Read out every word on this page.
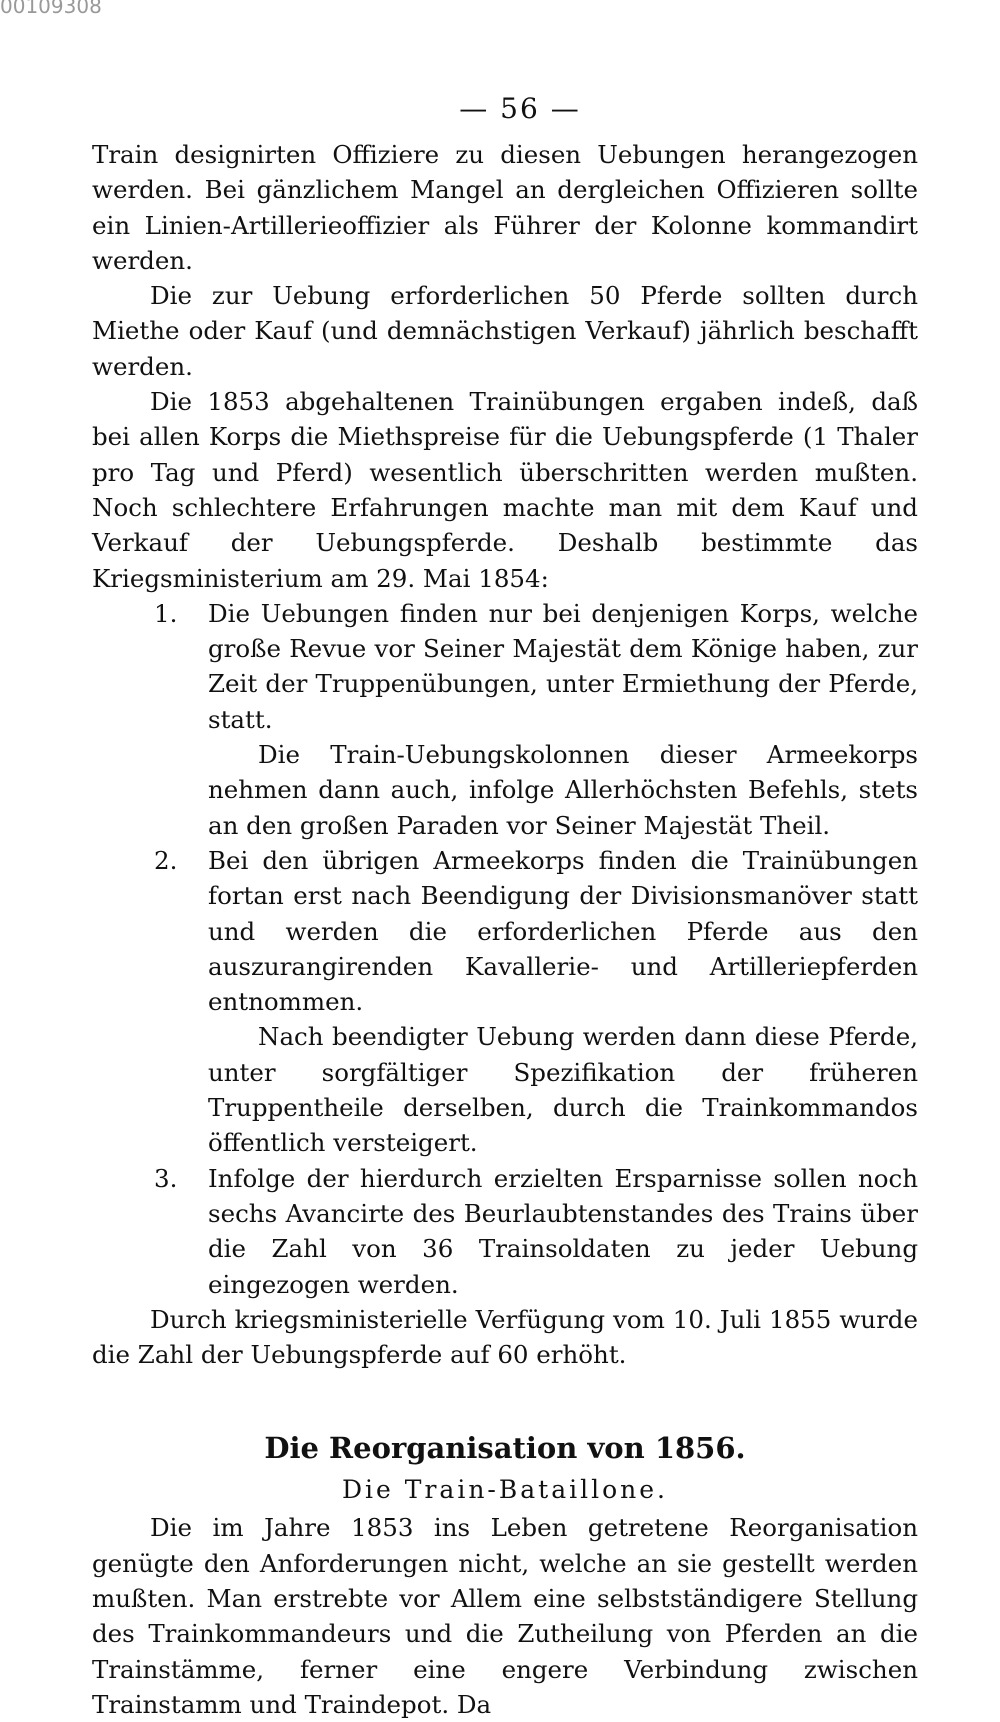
00109308
— 56 —

Train designirten Offiziere zu diesen Uebungen herangezogen werden. Bei gänzlichem Mangel an dergleichen Offizieren sollte ein Linien-Artillerieoffizier als Führer der Kolonne kommandirt werden.

Die zur Uebung erforderlichen 50 Pferde sollten durch Miethe oder Kauf (und demnächstigen Verkauf) jährlich beschafft werden.

Die 1853 abgehaltenen Trainübungen ergaben indeß, daß bei allen Korps die Miethspreise für die Uebungspferde (1 Thaler pro Tag und Pferd) wesentlich überschritten werden mußten. Noch schlechtere Erfahrungen machte man mit dem Kauf und Verkauf der Uebungspferde. Deshalb bestimmte das Kriegsministerium am 29. Mai 1854:

1. Die Uebungen finden nur bei denjenigen Korps, welche große Revue vor Seiner Majestät dem Könige haben, zur Zeit der Truppenübungen, unter Ermiethung der Pferde, statt.

Die Train-Uebungskolonnen dieser Armeekorps nehmen dann auch, infolge Allerhöchsten Befehls, stets an den großen Paraden vor Seiner Majestät Theil.

2. Bei den übrigen Armeekorps finden die Trainübungen fortan erst nach Beendigung der Divisionsmanöver statt und werden die erforderlichen Pferde aus den auszurangirenden Kavallerie- und Artilleriepferden entnommen.

Nach beendigter Uebung werden dann diese Pferde, unter sorgfältiger Spezifikation der früheren Truppentheile derselben, durch die Trainkommandos öffentlich versteigert.

3. Infolge der hierdurch erzielten Ersparnisse sollen noch sechs Avancirte des Beurlaubtenstandes des Trains über die Zahl von 36 Trainsoldaten zu jeder Uebung eingezogen werden.

Durch kriegsministerielle Verfügung vom 10. Juli 1855 wurde die Zahl der Uebungspferde auf 60 erhöht.

Die Reorganisation von 1856.
Die Train-Bataillone.

Die im Jahre 1853 ins Leben getretene Reorganisation genügte den Anforderungen nicht, welche an sie gestellt werden mußten. Man erstrebte vor Allem eine selbstständigere Stellung des Trainkommandeurs und die Zutheilung von Pferden an die Trainstämme, ferner eine engere Verbindung zwischen Trainstamm und Traindepot. Da
